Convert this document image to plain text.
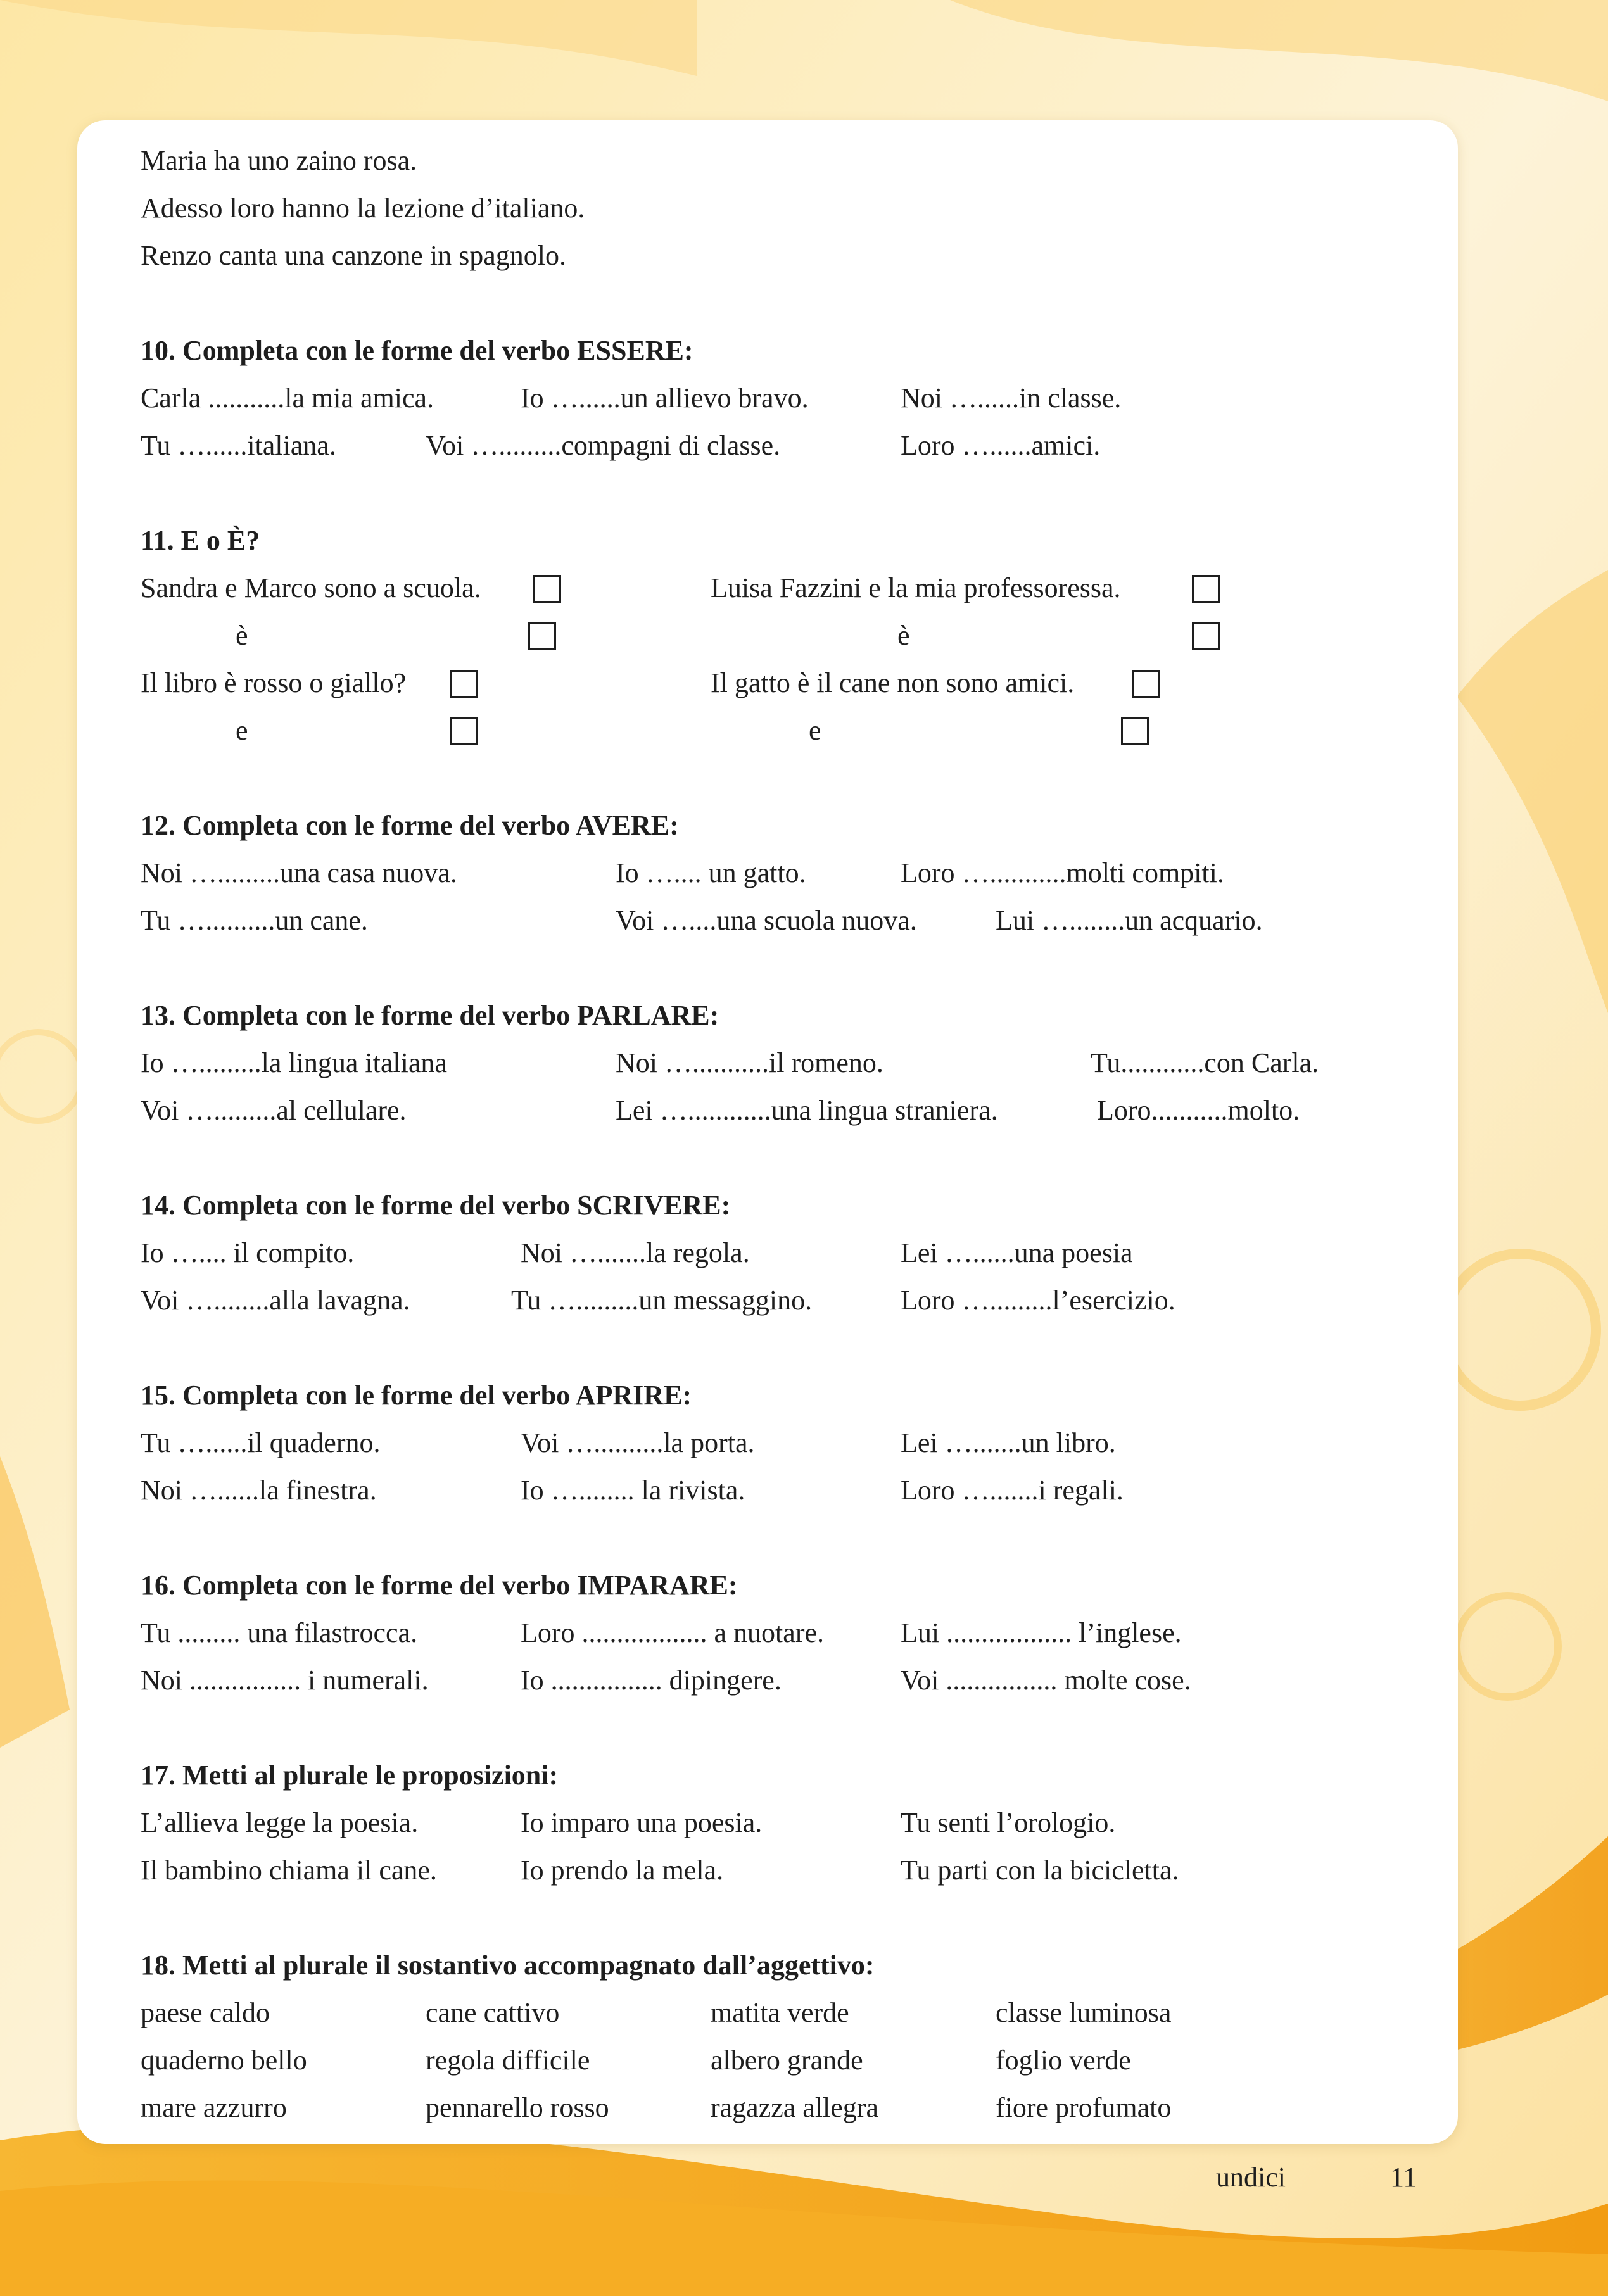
Maria ha uno zaino rosa.
Adesso loro hanno la lezione d’italiano.
Renzo canta una canzone in spagnolo.
10. Completa con le forme del verbo ESSERE:
Carla ...........la mia amica.	Io …......un allievo bravo.	Noi …......in classe.
Tu …......italiana.	Voi ….........compagni di classe.	Loro …......amici.
11. E o È?
Sandra e Marco sono a scuola.	Luisa Fazzini e la mia professoressa.
è	è
Il libro è rosso o giallo?	Il gatto è il cane non sono amici.
e	e
12. Completa con le forme del verbo AVERE:
Noi ….........una casa nuova.	Io ….... un gatto.	Loro …...........molti compiti.
Tu …..........un cane.	Voi …....una scuola nuova.	Lui …........un acquario.
13. Completa con le forme del verbo PARLARE:
Io ….........la lingua italiana	Noi …...........il romeno.	Tu............con Carla.
Voi ….........al cellulare.	Lei …............una lingua straniera.	Loro...........molto.
14. Completa con le forme del verbo SCRIVERE:
Io ….... il compito.	Noi ….......la regola.	Lei …......una poesia
Voi …........alla lavagna.	Tu ….........un messaggino.	Loro ….........l’esercizio.
15. Completa con le forme del verbo APRIRE:
Tu …......il quaderno.	Voi …..........la porta.	Lei ….......un libro.
Noi …......la finestra.	Io …........ la rivista.	Loro ….......i regali.
16. Completa con le forme del verbo IMPARARE:
Tu ......... una filastrocca.	Loro .................. a nuotare.	Lui .................. l’inglese.
Noi ................ i numerali.	Io ................ dipingere.	Voi ................ molte cose.
17. Metti al plurale le proposizioni:
L’allieva legge la poesia.	Io imparo una poesia.	Tu senti l’orologio.
Il bambino chiama il cane.	Io prendo la mela.	Tu parti con la bicicletta.
18. Metti al plurale il sostantivo accompagnato dall’aggettivo:
paese caldo	cane cattivo	matita verde	classe luminosa
quaderno bello	regola difficile	albero grande	foglio verde
mare azzurro	pennarello rosso	ragazza allegra	fiore profumato
undici	11
